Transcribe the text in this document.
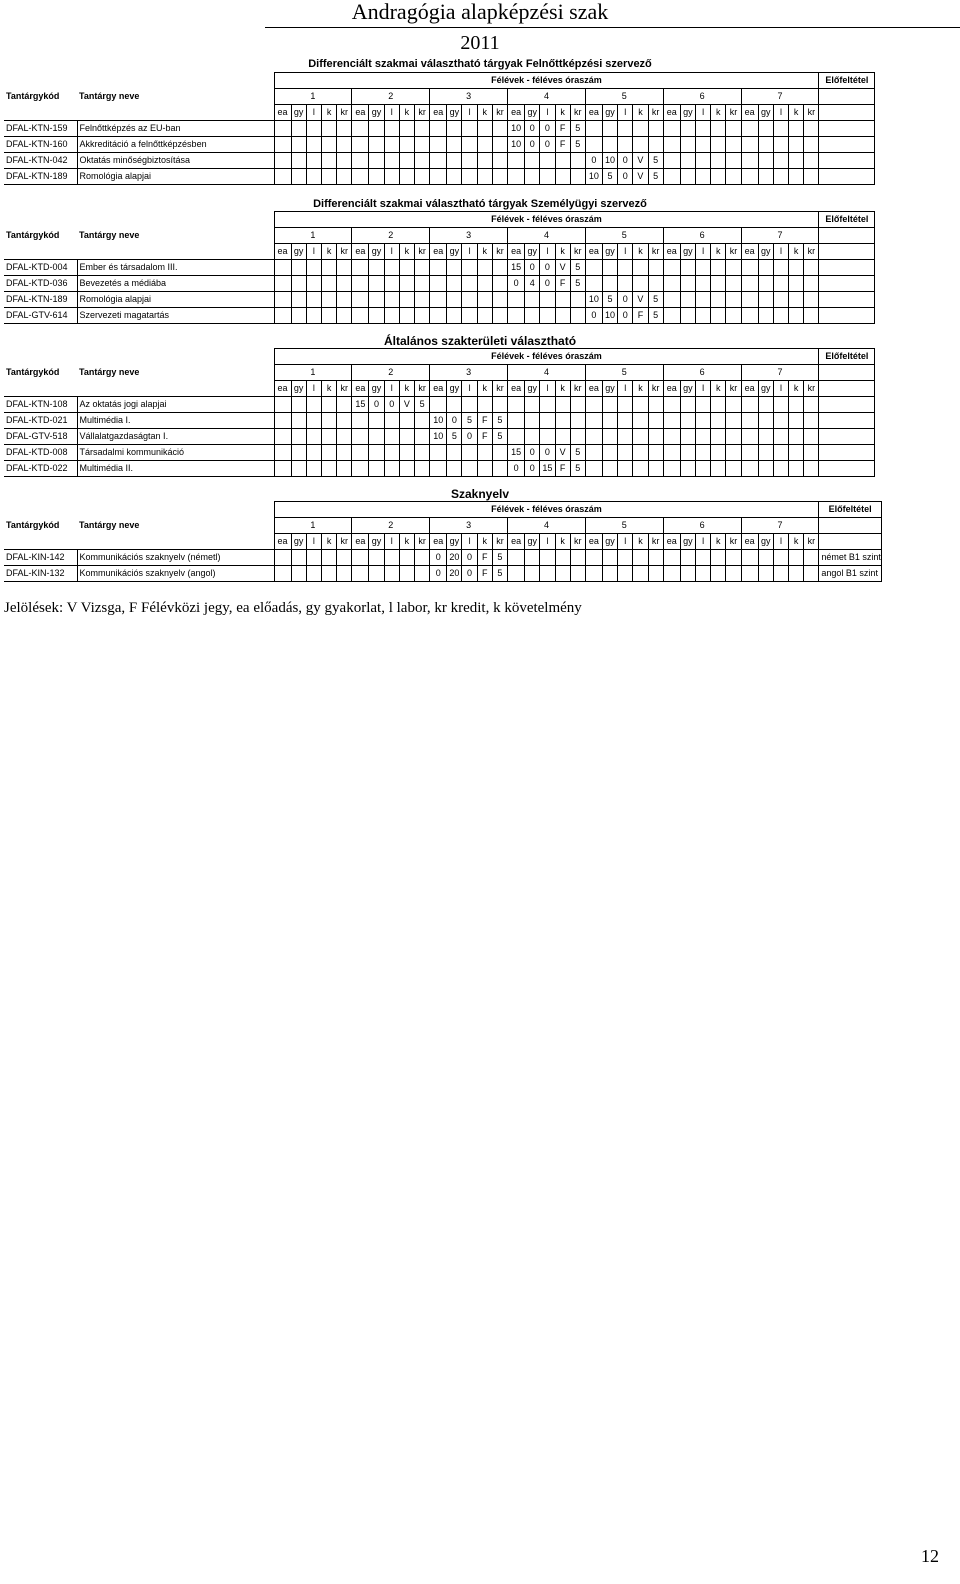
Andragógia alapképzési szak
2011
Differenciált szakmai választható tárgyak Felnőttképzési szervező
		Félévek - féléves óraszám																																			Előfeltétel
Tantárgykód	Tantárgy neve	1					2					3					4					5					6					7					
		ea	gy	l	k	kr	ea	gy	l	k	kr	ea	gy	l	k	kr	ea	gy	l	k	kr	ea	gy	l	k	kr	ea	gy	l	k	kr	ea	gy	l	k	kr	
DFAL-KTN-159	Felnőttképzés az EU-ban																10	0	0	F	5																
DFAL-KTN-160	Akkreditáció a felnőttképzésben																10	0	0	F	5																
DFAL-KTN-042	Oktatás minőségbiztosítása																					0	10	0	V	5											
DFAL-KTN-189	Romológia alapjai																					10	5	0	V	5											
Differenciált szakmai választható tárgyak Személyügyi szervező
		Félévek - féléves óraszám																																			Előfeltétel
Tantárgykód	Tantárgy neve	1					2					3					4					5					6					7					
		ea	gy	l	k	kr	ea	gy	l	k	kr	ea	gy	l	k	kr	ea	gy	l	k	kr	ea	gy	l	k	kr	ea	gy	l	k	kr	ea	gy	l	k	kr	
DFAL-KTD-004	Ember és társadalom III.																15	0	0	V	5																
DFAL-KTD-036	Bevezetés a médiába																0	4	0	F	5																
DFAL-KTN-189	Romológia alapjai																					10	5	0	V	5											
DFAL-GTV-614	Szervezeti magatartás																					0	10	0	F	5											
Általános szakterületi választható
		Félévek - féléves óraszám																																			Előfeltétel
Tantárgykód	Tantárgy neve	1					2					3					4					5					6					7					
		ea	gy	l	k	kr	ea	gy	l	k	kr	ea	gy	l	k	kr	ea	gy	l	k	kr	ea	gy	l	k	kr	ea	gy	l	k	kr	ea	gy	l	k	kr	
DFAL-KTN-108	Az oktatás jogi alapjai						15	0	0	V	5																										
DFAL-KTD-021	Multimédia I.											10	0	5	F	5																					
DFAL-GTV-518	Vállalatgazdaságtan I.											10	5	0	F	5																					
DFAL-KTD-008	Társadalmi kommunikáció																15	0	0	V	5																
DFAL-KTD-022	Multimédia II.																0	0	15	F	5																
Szaknyelv
		Félévek - féléves óraszám																																			Előfeltétel
Tantárgykód	Tantárgy neve	1					2					3					4					5					6					7					
		ea	gy	l	k	kr	ea	gy	l	k	kr	ea	gy	l	k	kr	ea	gy	l	k	kr	ea	gy	l	k	kr	ea	gy	l	k	kr	ea	gy	l	k	kr	
DFAL-KIN-142	Kommunikációs szaknyelv (németl)											0	20	0	F	5																					német B1 szint
DFAL-KIN-132	Kommunikációs szaknyelv (angol)											0	20	0	F	5																					angol B1 szint
Jelölések: V Vizsga, F Félévközi jegy, ea előadás, gy gyakorlat, l labor, kr kredit, k követelmény
12
